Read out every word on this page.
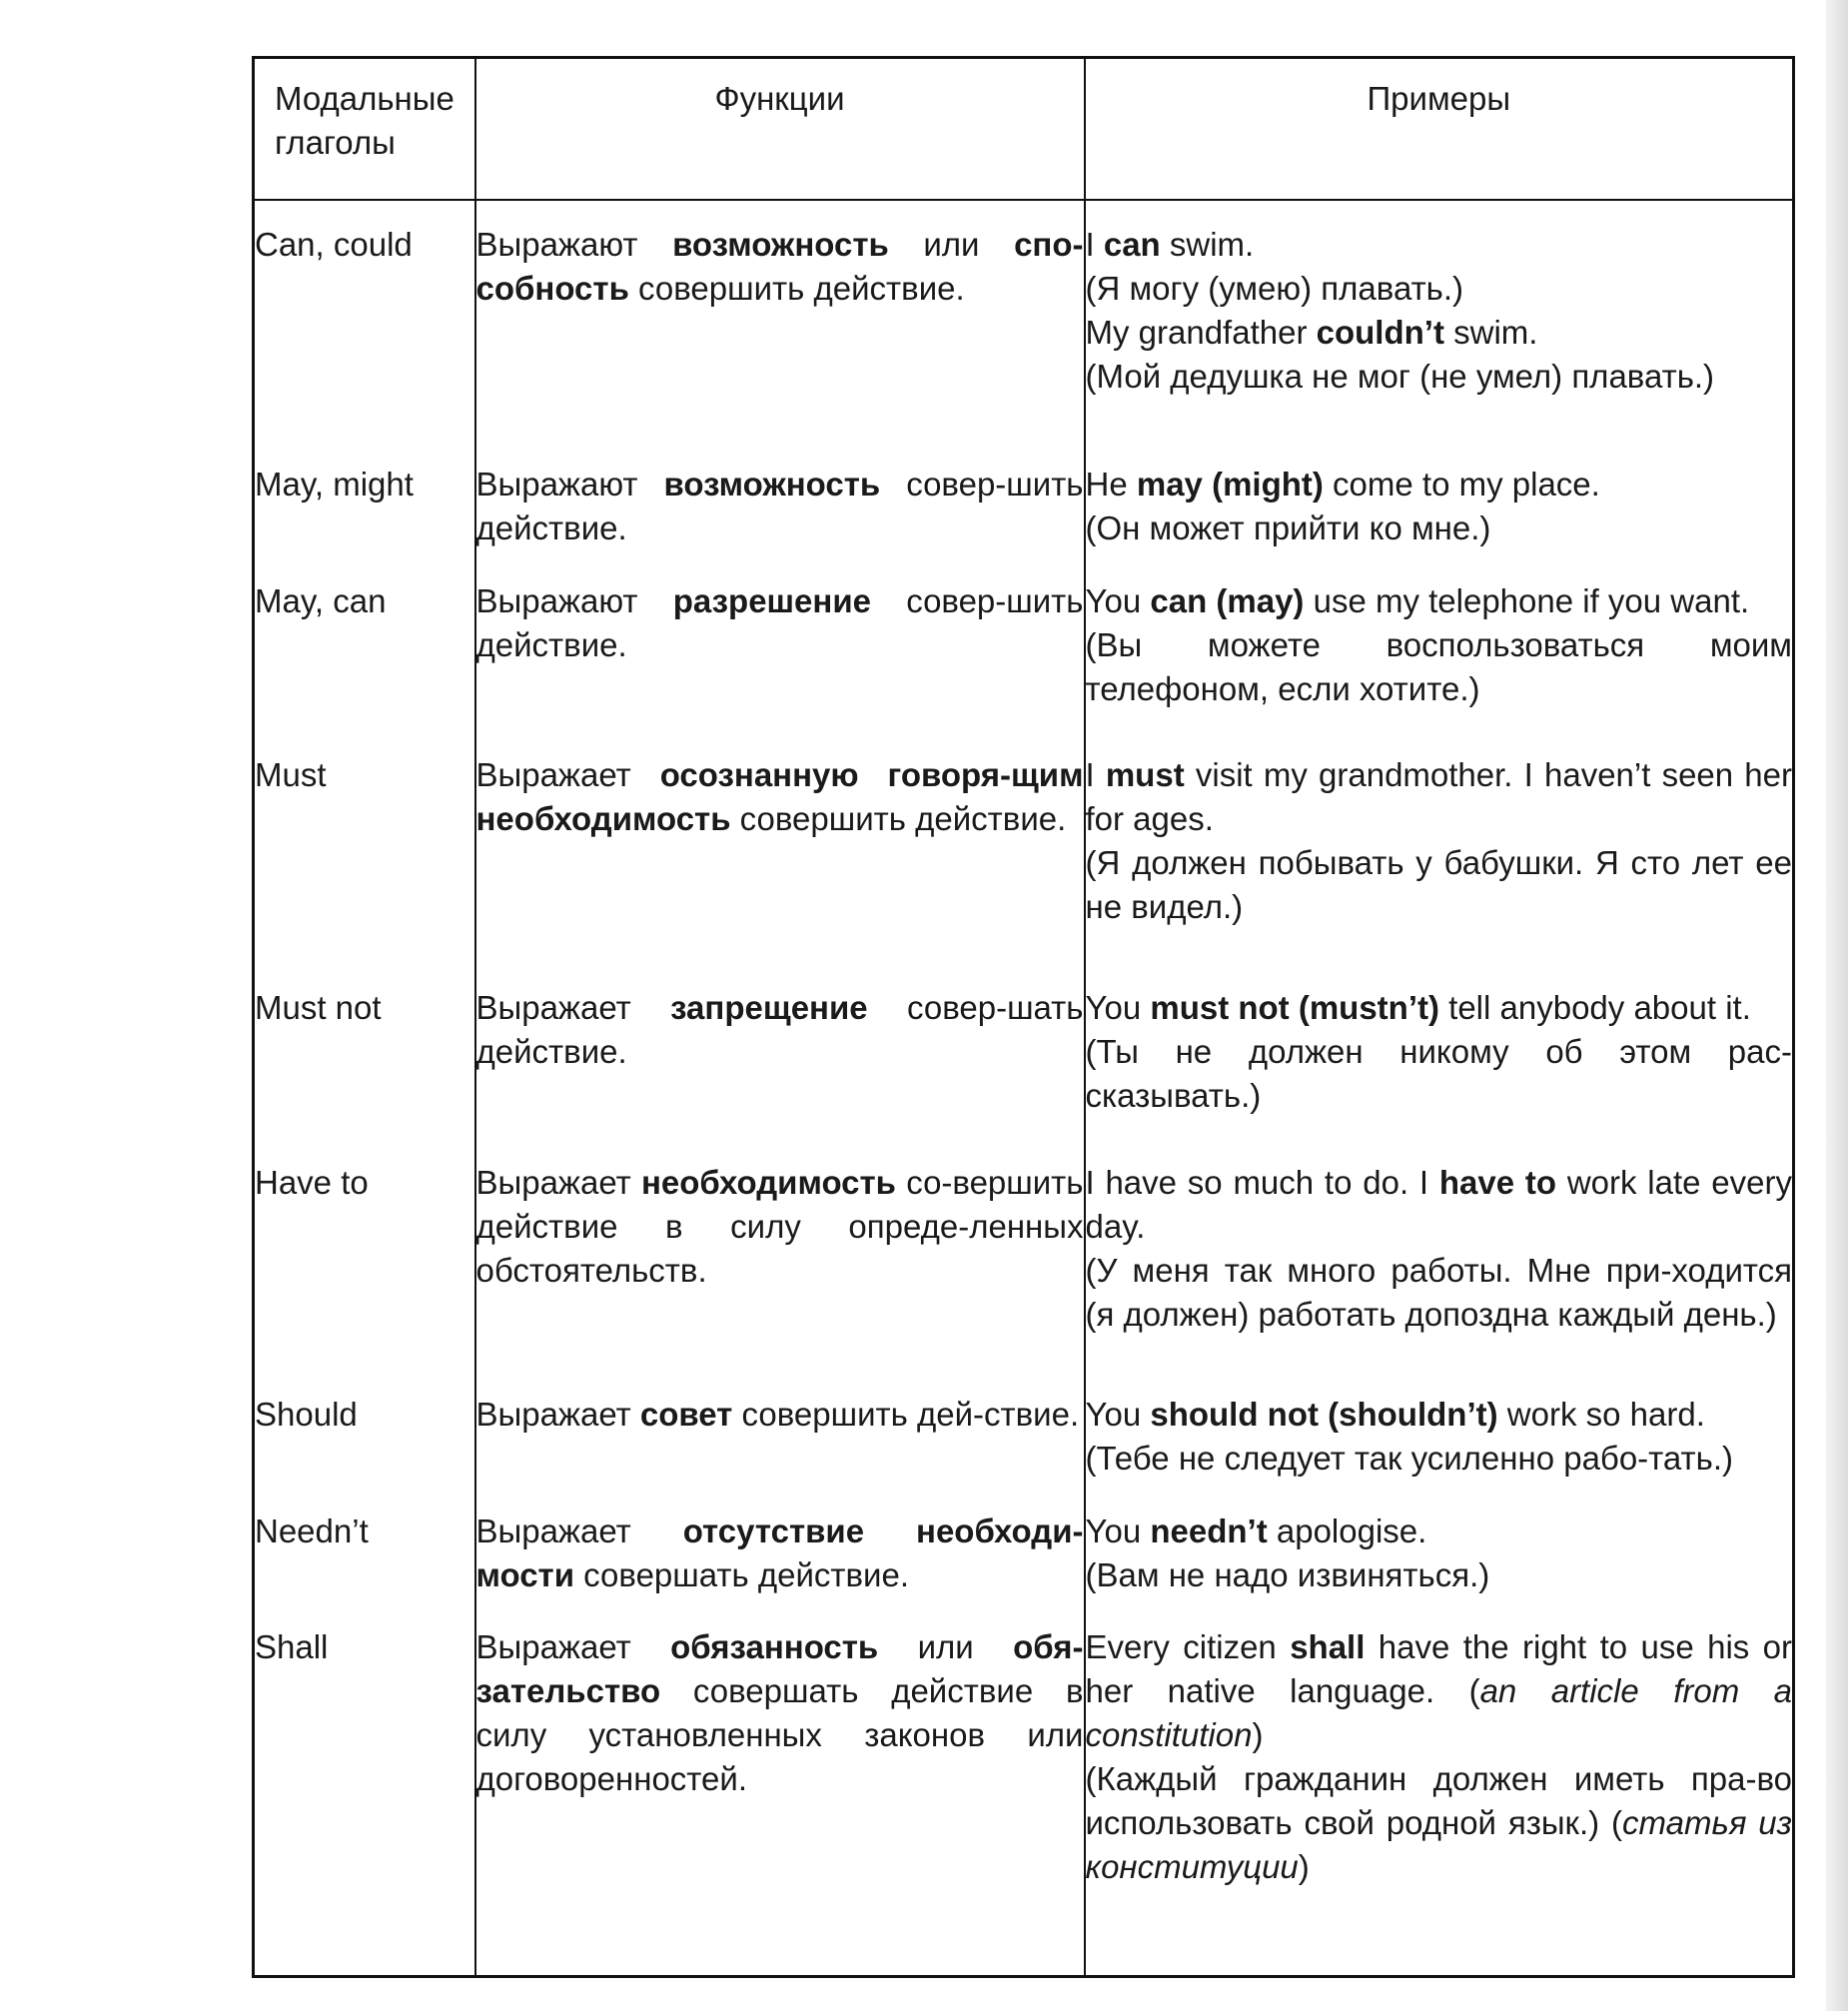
Модальные глаголы	Функции	Примеры
Can, could	Выражают возможность или спо-собность совершить действие.	I can swim.
(Я могу (умею) плавать.)
My grandfather couldn’t swim.
(Мой дедушка не мог (не умел) плавать.)

May, might	Выражают возможность совер-шить действие.	He may (might) come to my place.
(Он может прийти ко мне.)

May, can	Выражают разрешение совер-шить действие.	You can (may) use my telephone if you want.
(Вы можете воспользоваться моим телефоном, если хотите.)

Must	Выражает осознанную говоря-щим необходимость совершить действие.	I must visit my grandmother. I haven’t seen her for ages.
(Я должен побывать у бабушки. Я сто лет ее не видел.)

Must not	Выражает запрещение совер-шать действие.	You must not (mustn’t) tell anybody about it.
(Ты не должен никому об этом рас-сказывать.)

Have to	Выражает необходимость со-вершить действие в силу опреде-ленных обстоятельств.	I have so much to do. I have to work late every day.
(У меня так много работы. Мне при-ходится (я должен) работать допоздна каждый день.)

Should	Выражает совет совершить дей-ствие.	You should not (shouldn’t) work so hard.
(Тебе не следует так усиленно рабо-тать.)

Needn’t	Выражает отсутствие необходи-мости совершать действие.	You needn’t apologise.
(Вам не надо извиняться.)

Shall	Выражает обязанность или обя-зательство совершать действие в силу установленных законов или договоренностей.	Every citizen shall have the right to use his or her native language. (an article from a constitution)
(Каждый гражданин должен иметь пра-во использовать свой родной язык.) (статья из конституции)
